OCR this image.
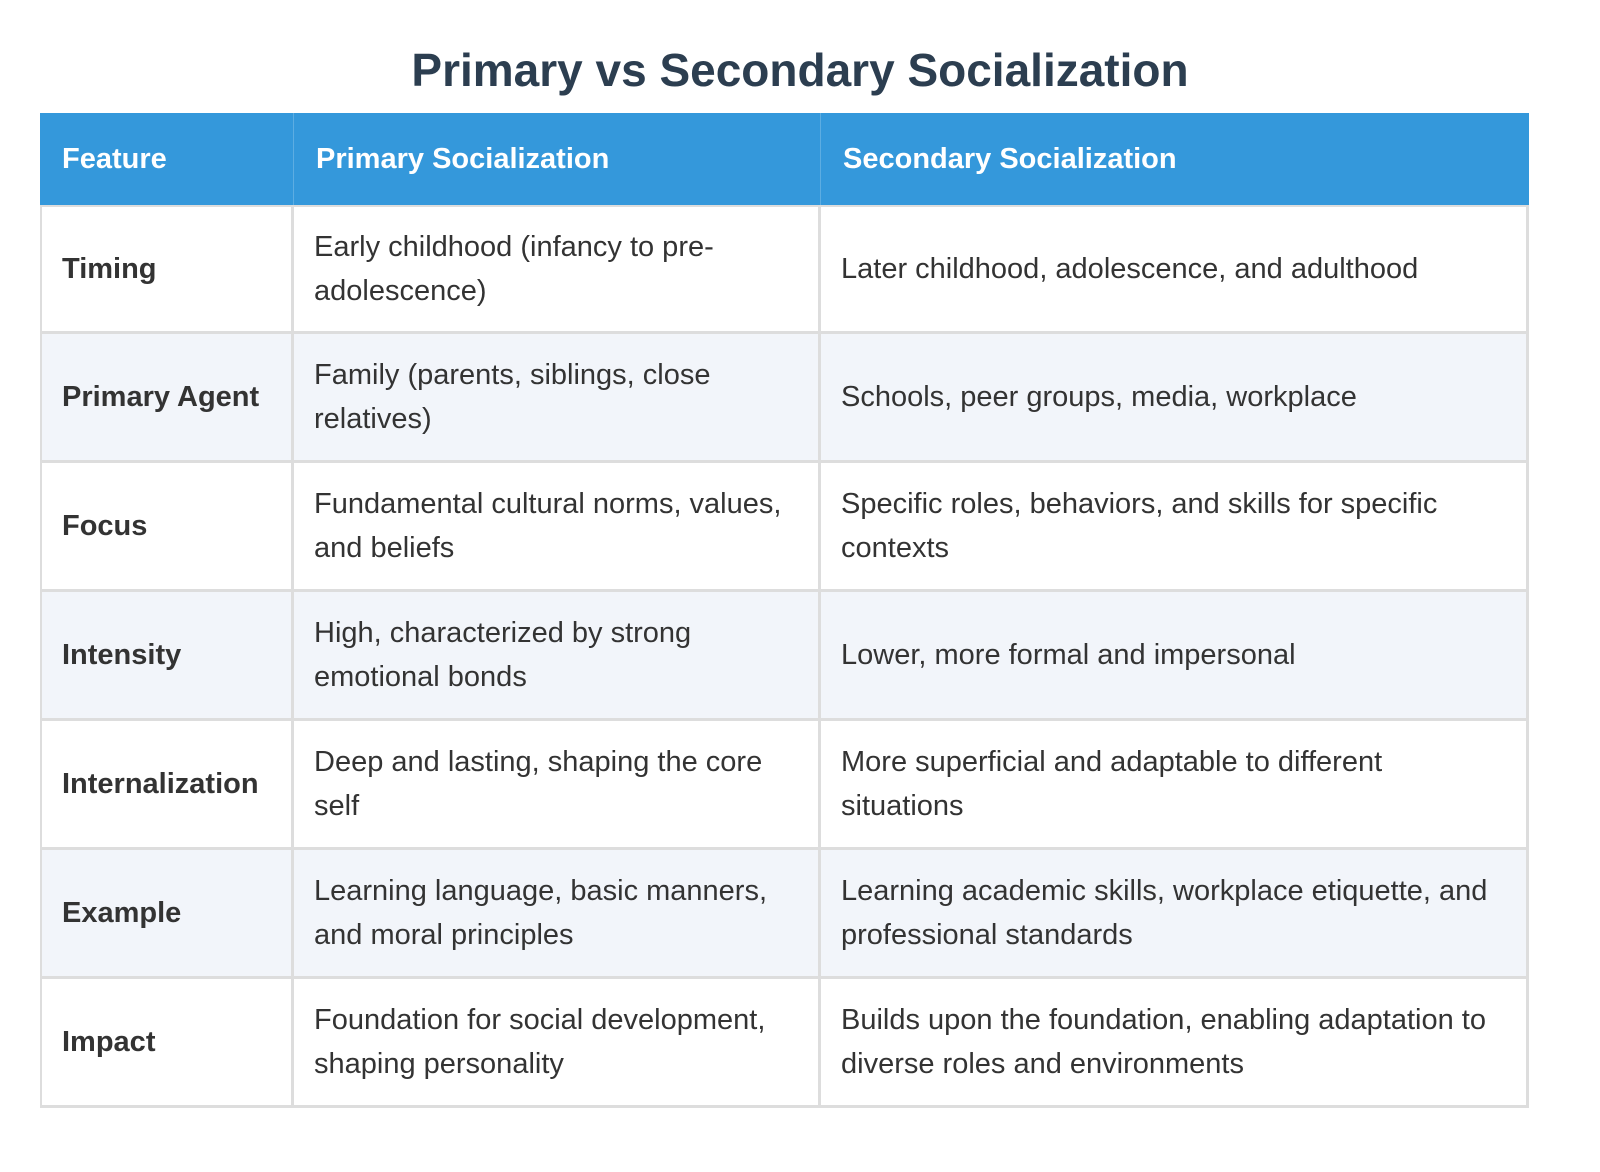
Primary vs Secondary Socialization
Feature	Primary Socialization	Secondary Socialization
Timing	Early childhood (infancy to pre-adolescence)	Later childhood, adolescence, and adulthood
Primary Agent	Family (parents, siblings, close relatives)	Schools, peer groups, media, workplace
Focus	Fundamental cultural norms, values, and beliefs	Specific roles, behaviors, and skills for specific contexts
Intensity	High, characterized by strong emotional bonds	Lower, more formal and impersonal
Internalization	Deep and lasting, shaping the core self	More superficial and adaptable to different situations
Example	Learning language, basic manners, and moral principles	Learning academic skills, workplace etiquette, and professional standards
Impact	Foundation for social development, shaping personality	Builds upon the foundation, enabling adaptation to diverse roles and environments
